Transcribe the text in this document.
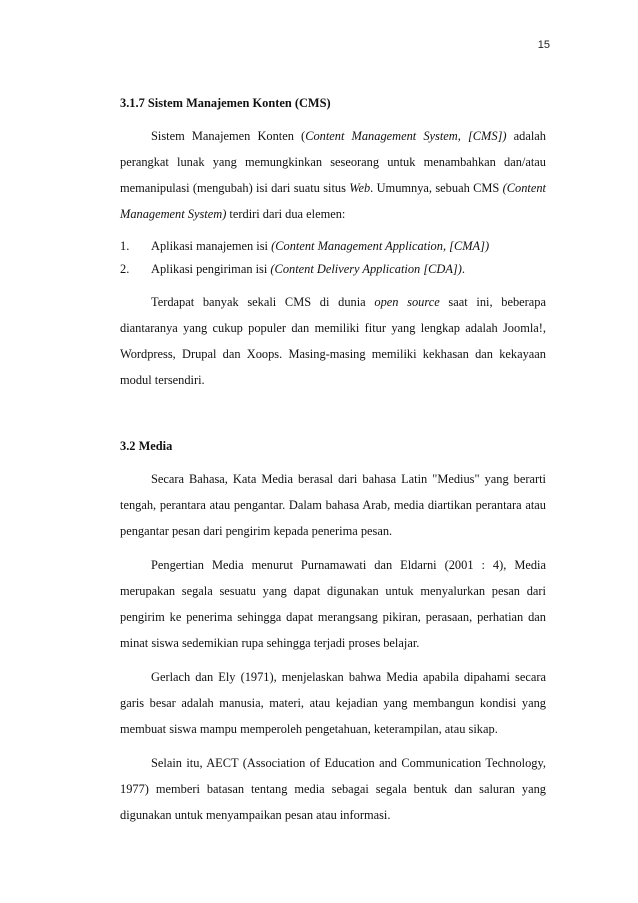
15
3.1.7 Sistem Manajemen Konten (CMS)

Sistem Manajemen Konten (Content Management System, [CMS]) adalah perangkat lunak yang memungkinkan seseorang untuk menambahkan dan/atau memanipulasi (mengubah) isi dari suatu situs Web. Umumnya, sebuah CMS (Content Management System) terdiri dari dua elemen:

1.	Aplikasi manajemen isi (Content Management Application, [CMA])
2.	Aplikasi pengiriman isi (Content Delivery Application [CDA]).

Terdapat banyak sekali CMS di dunia open source saat ini, beberapa diantaranya yang cukup populer dan memiliki fitur yang lengkap adalah Joomla!, Wordpress, Drupal dan Xoops. Masing-masing memiliki kekhasan dan kekayaan modul tersendiri.

3.2 Media

Secara Bahasa, Kata Media berasal dari bahasa Latin "Medius" yang berarti tengah, perantara atau pengantar. Dalam bahasa Arab, media diartikan perantara atau pengantar pesan dari pengirim kepada penerima pesan.

Pengertian Media menurut Purnamawati dan Eldarni (2001 : 4), Media merupakan segala sesuatu yang dapat digunakan untuk menyalurkan pesan dari pengirim ke penerima sehingga dapat merangsang pikiran, perasaan, perhatian dan minat siswa sedemikian rupa sehingga terjadi proses belajar.

Gerlach dan Ely (1971), menjelaskan bahwa Media apabila dipahami secara garis besar adalah manusia, materi, atau kejadian yang membangun kondisi yang membuat siswa mampu memperoleh pengetahuan, keterampilan, atau sikap.

Selain itu, AECT (Association of Education and Communication Technology, 1977) memberi batasan tentang media sebagai segala bentuk dan saluran yang digunakan untuk menyampaikan pesan atau informasi.
